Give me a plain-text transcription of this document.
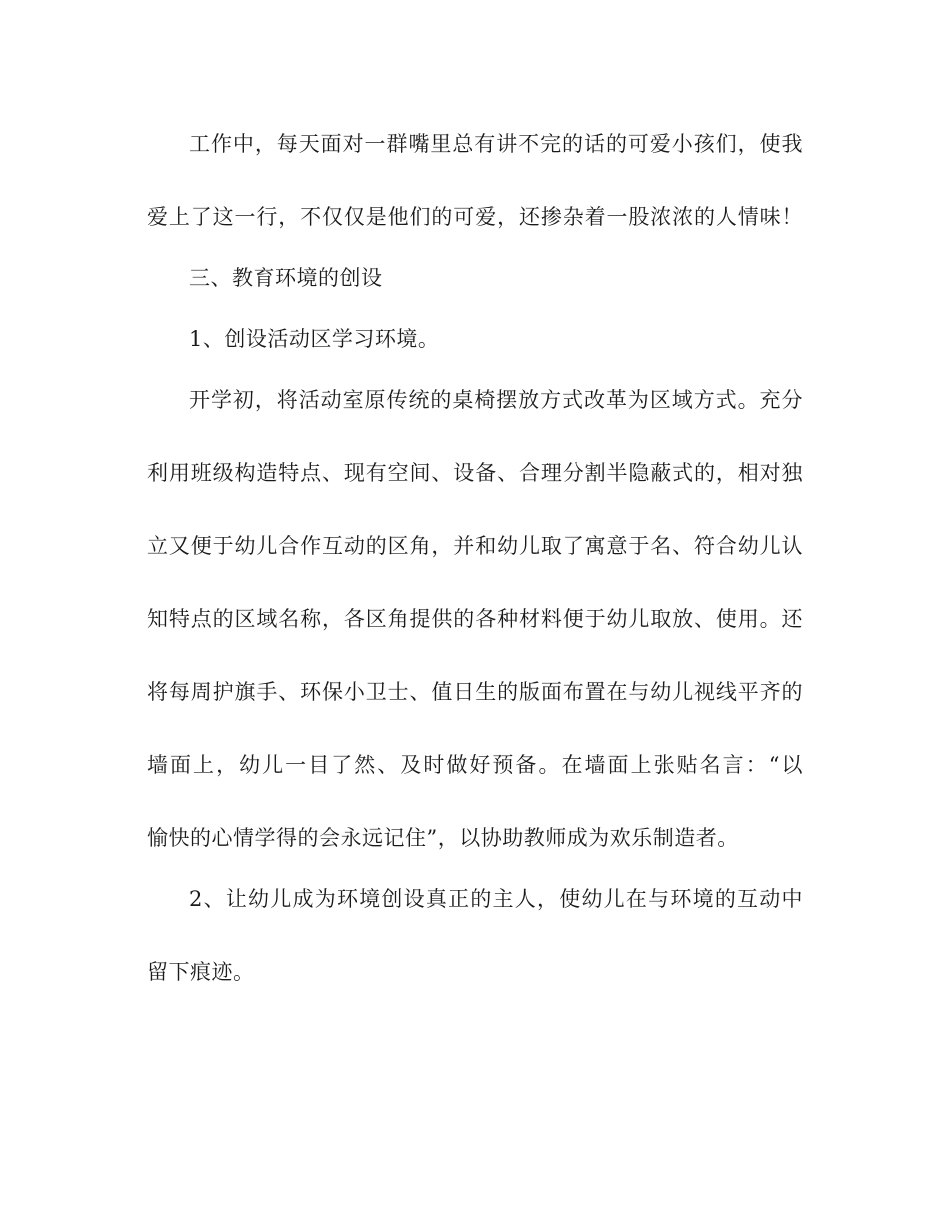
工作中，每天面对一群嘴里总有讲不完的话的可爱小孩们，使我
爱上了这一行，不仅仅是他们的可爱，还掺杂着一股浓浓的人情味！
三、教育环境的创设
1、创设活动区学习环境。
开学初，将活动室原传统的桌椅摆放方式改革为区域方式。充分
利用班级构造特点、现有空间、设备、合理分割半隐蔽式的，相对独
立又便于幼儿合作互动的区角，并和幼儿取了寓意于名、符合幼儿认
知特点的区域名称，各区角提供的各种材料便于幼儿取放、使用。还
将每周护旗手、环保小卫士、值日生的版面布置在与幼儿视线平齐的
墙面上，幼儿一目了然、及时做好预备。在墙面上张贴名言：“以
愉快的心情学得的会永远记住”，以协助教师成为欢乐制造者。
2、让幼儿成为环境创设真正的主人，使幼儿在与环境的互动中
留下痕迹。
